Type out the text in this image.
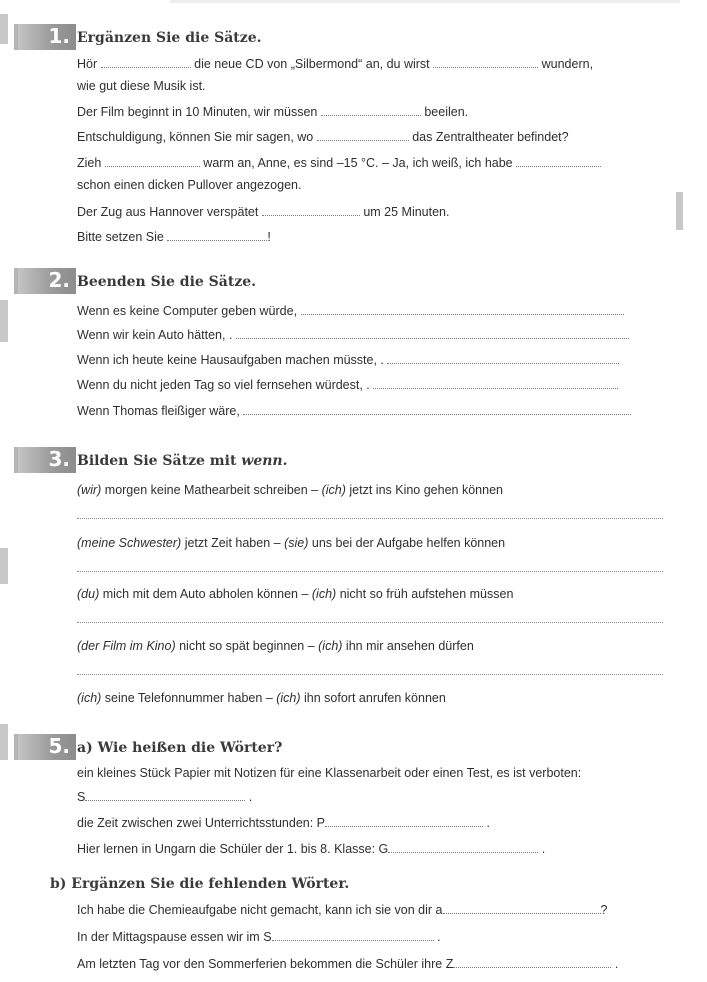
1. Ergänzen Sie die Sätze.
Hör	die neue CD von „Silbermond“ an, du wirst	wundern,
wie gut diese Musik ist.
Der Film beginnt in 10 Minuten, wir müssen	beeilen.
Entschuldigung, können Sie mir sagen, wo	das Zentraltheater befindet?
Zieh	warm an, Anne, es sind –15 °C. – Ja, ich weiß, ich habe
schon einen dicken Pullover angezogen.
Der Zug aus Hannover verspätet	um 25 Minuten.
Bitte setzen Sie	!
2. Beenden Sie die Sätze.
Wenn es keine Computer geben würde,
Wenn wir kein Auto hätten, .
Wenn ich heute keine Hausaufgaben machen müsste, .
Wenn du nicht jeden Tag so viel fernsehen würdest, .
Wenn Thomas fleißiger wäre,
3. Bilden Sie Sätze mit wenn.
(wir) morgen keine Mathearbeit schreiben – (ich) jetzt ins Kino gehen können
(meine Schwester) jetzt Zeit haben – (sie) uns bei der Aufgabe helfen können
(du) mich mit dem Auto abholen können – (ich) nicht so früh aufstehen müssen
(der Film im Kino) nicht so spät beginnen – (ich) ihn mir ansehen dürfen
(ich) seine Telefonnummer haben – (ich) ihn sofort anrufen können
5. a) Wie heißen die Wörter?
ein kleines Stück Papier mit Notizen für eine Klassenarbeit oder einen Test, es ist verboten:
S	.
die Zeit zwischen zwei Unterrichtsstunden: P	.
Hier lernen in Ungarn die Schüler der 1. bis 8. Klasse: G	.
b) Ergänzen Sie die fehlenden Wörter.
Ich habe die Chemieaufgabe nicht gemacht, kann ich sie von dir a	?
In der Mittagspause essen wir im S	.
Am letzten Tag vor den Sommerferien bekommen die Schüler ihre Z	.
